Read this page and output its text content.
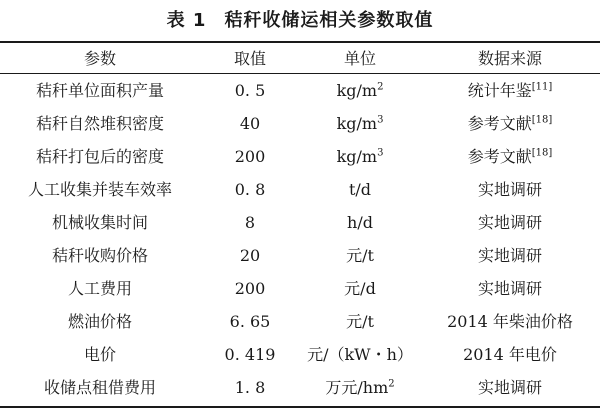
表 1 秸秆收储运相关参数取值
参数	取值	单位	数据来源
秸秆单位面积产量	0. 5	$kg/m^2$	统计年鉴[11]
秸秆自然堆积密度	40	$kg/m^3$	参考文献[18]
秸秆打包后的密度	200	$kg/m^3$	参考文献[18]
人工收集并装车效率	0. 8	t/d	实地调研
机械收集时间	8	h/d	实地调研
秸秆收购价格	20	元/t	实地调研
人工费用	200	元/d	实地调研
燃油价格	6. 65	元/t	2014 年柴油价格
电价	0. 419	元/（kW・h）	2014 年电价
收储点租借费用	1. 8	万元$/hm^2$	实地调研
